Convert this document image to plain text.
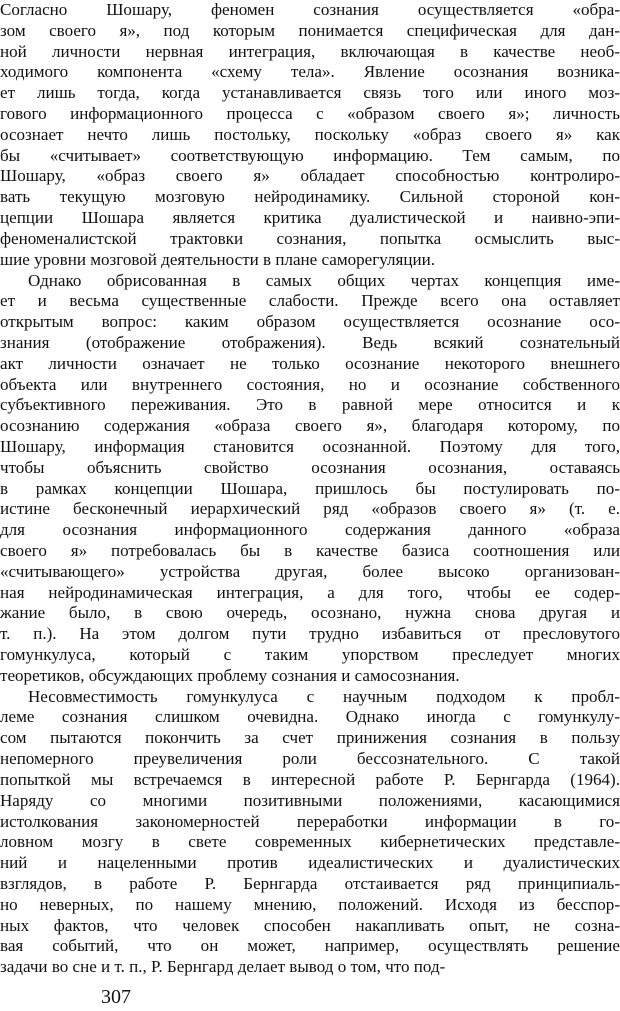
Согласно Шошару, феномен сознания осуществляется «обра-
зом своего я», под которым понимается специфическая для дан-
ной личности нервная интеграция, включающая в качестве необ-
ходимого компонента «схему тела». Явление осознания возника-
ет лишь тогда, когда устанавливается связь того или иного моз-
гового информационного процесса с «образом своего я»; личность
осознает нечто лишь постольку, поскольку «образ своего я» как
бы «считывает» соответствующую информацию. Тем самым, по
Шошару, «образ своего я» обладает способностью контролиро-
вать текущую мозговую нейродинамику. Сильной стороной кон-
цепции Шошара является критика дуалистической и наивно-эпи-
феноменалистской трактовки сознания, попытка осмыслить выс-
шие уровни мозговой деятельности в плане саморегуляции.
Однако обрисованная в самых общих чертах концепция име-
ет и весьма существенные слабости. Прежде всего она оставляет
открытым вопрос: каким образом осуществляется осознание осо-
знания (отображение отображения). Ведь всякий сознательный
акт личности означает не только осознание некоторого внешнего
объекта или внутреннего состояния, но и осознание собственного
субъективного переживания. Это в равной мере относится и к
осознанию содержания «образа своего я», благодаря которому, по
Шошару, информация становится осознанной. Поэтому для того,
чтобы объяснить свойство осознания осознания, оставаясь
в рамках концепции Шошара, пришлось бы постулировать по-
истине бесконечный иерархический ряд «образов своего я» (т. е.
для осознания информационного содержания данного «образа
своего я» потребовалась бы в качестве базиса соотношения или
«считывающего» устройства другая, более высоко организован-
ная нейродинамическая интеграция, а для того, чтобы ее содер-
жание было, в свою очередь, осознано, нужна снова другая и
т. п.). На этом долгом пути трудно избавиться от пресловутого
гомункулуса, который с таким упорством преследует многих
теоретиков, обсуждающих проблему сознания и самосознания.
Несовместимость гомункулуса с научным подходом к пробл-
леме сознания слишком очевидна. Однако иногда с гомункулу-
сом пытаются покончить за счет принижения сознания в пользу
непомерного преувеличения роли бессознательного. С такой
попыткой мы встречаемся в интересной работе Р. Бернгарда (1964).
Наряду со многими позитивными положениями, касающимися
истолкования закономерностей переработки информации в го-
ловном мозгу в свете современных кибернетических представле-
ний и нацеленными против идеалистических и дуалистических
взглядов, в работе Р. Бернгарда отстаивается ряд принципиаль-
но неверных, по нашему мнению, положений. Исходя из бесспор-
ных фактов, что человек способен накапливать опыт, не созна-
вая событий, что он может, например, осуществлять решение
задачи во сне и т. п., Р. Бернгард делает вывод о том, что под-
307
